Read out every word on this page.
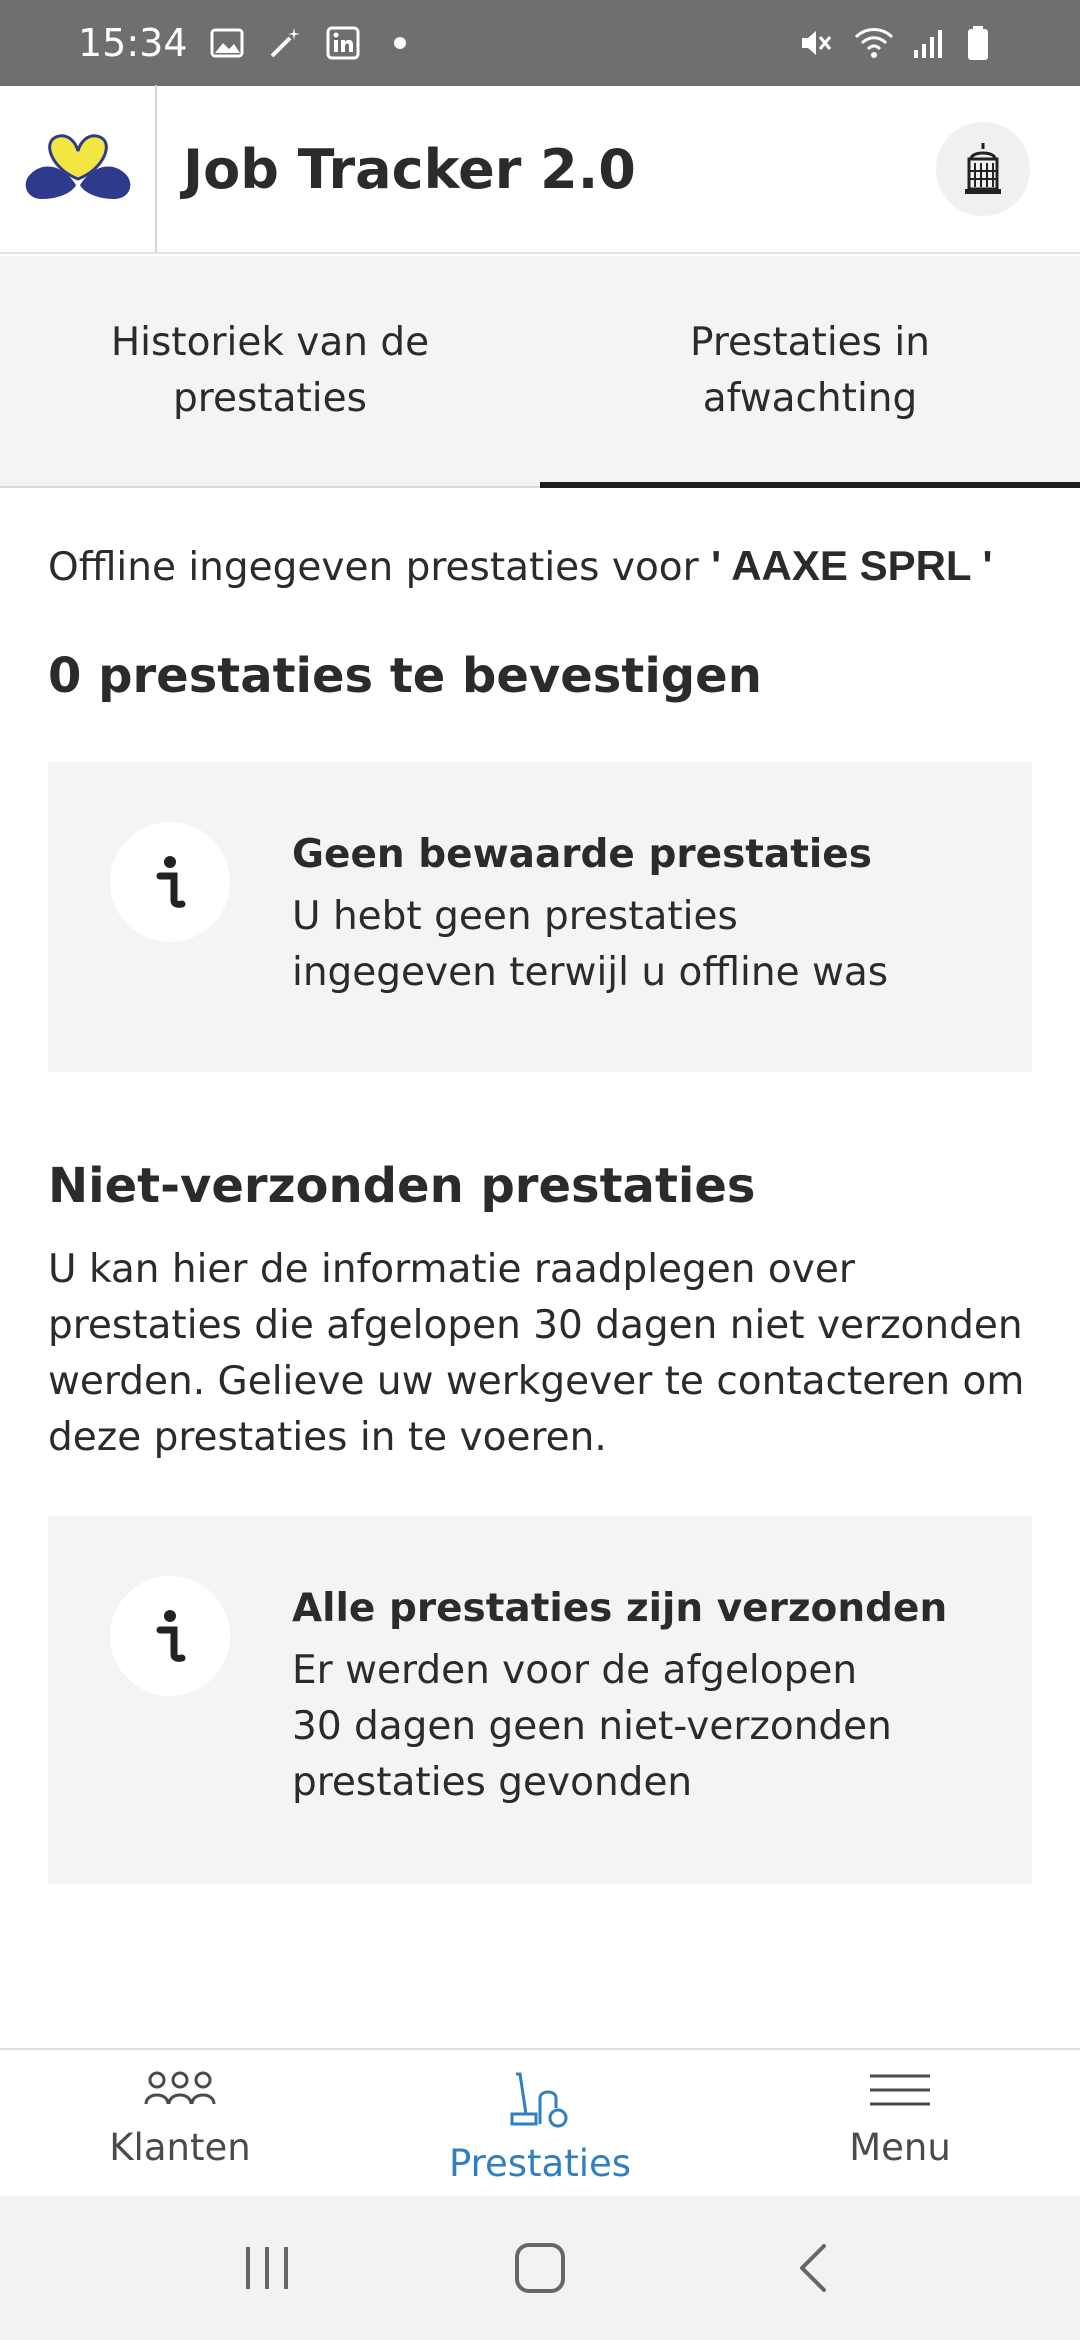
15:34
Job Tracker 2.0
Historiek van de prestaties
Prestaties in afwachting
Offline ingegeven prestaties voor ' AAXE SPRL '
0 prestaties te bevestigen
Geen bewaarde prestaties
U hebt geen prestaties ingegeven terwijl u offline was
Niet-verzonden prestaties
U kan hier de informatie raadplegen over prestaties die afgelopen 30 dagen niet verzonden werden. Gelieve uw werkgever te contacteren om deze prestaties in te voeren.
Alle prestaties zijn verzonden
Er werden voor de afgelopen 30 dagen geen niet-verzonden prestaties gevonden
Klanten	Prestaties	Menu
